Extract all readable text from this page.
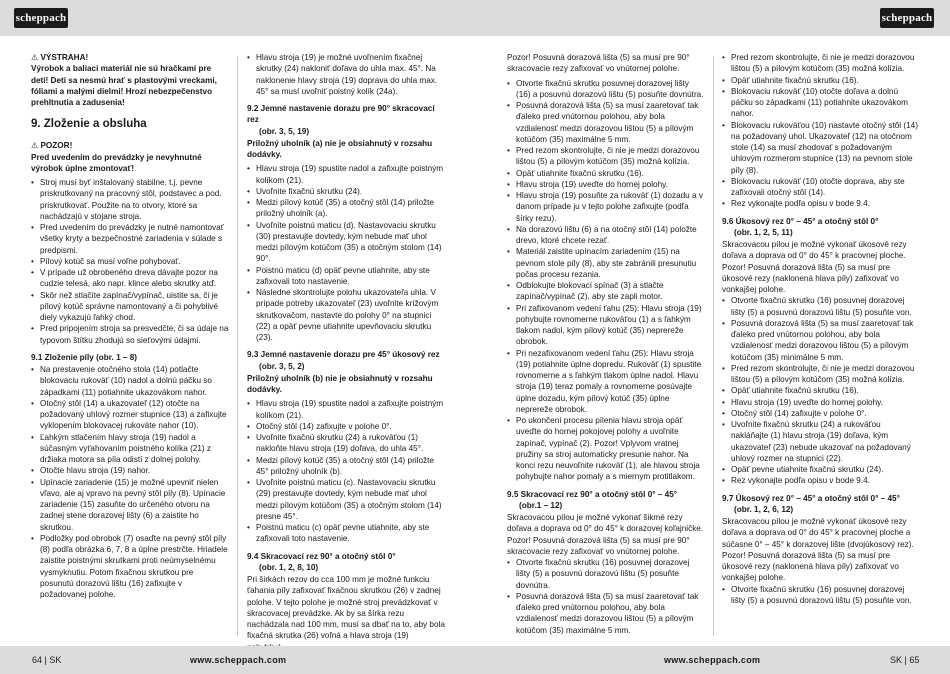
scheppach	scheppach

⚠ VÝSTRAHA!
Výrobok a baliaci materiál nie sú hračkami pre deti! Deti sa nesmú hrať s plastovými vreckami, fóliami a malými dielmi! Hrozí nebezpečenstvo prehltnutia a zadusenia!

9. Zloženie a obsluha

⚠ POZOR!
Pred uvedením do prevádzky je nevyhnutné výrobok úplne zmontovať!

• Stroj musí byť inštalovaný stabilne, t.j. pevne priskrutkovaný na pracovný stôl, podstavec a pod. priskrutkovať. Použite na to otvory, ktoré sa nachádzajú v stojane stroja.
• Pred uvedením do prevádzky je nutné namontovať všetky kryty a bezpečnostné zariadenia v súlade s predpismi.
• Pílový kotúč sa musí voľne pohybovať.
• V prípade už obrobeného dreva dávajte pozor na cudzie telesá, ako napr. klince alebo skrutky atď.
• Skôr než stlačíte zapínač/vypínač, uistite sa, či je pílový kotúč správne namontovaný a či pohyblivé diely vykazujú ľahký chod.
• Pred pripojením stroja sa presvedčte, či sa údaje na typovom štítku zhodujú so sieťovými údajmi.
9.1 Zloženie píly (obr. 1 – 8)
• Na prestavenie otočného stola (14) potlačte blokovaciu rukoväť (10) nadol a dolnú páčku so západkami (11) potiahnite ukazovákom nahor.
• Otočný stôl (14) a ukazovateľ (12) otočte na požadovaný uhlový rozmer stupnice (13) a zafixujte vyklopením blokovacej rukoväte nahor (10).
• Ľahkým stlačením hlavy stroja (19) nadol a súčasným vyťahovaním poistného kolíka (21) z držiaka motora sa píla odistí z dolnej polohy.
• Otočte hlavu stroja (19) nahor.
• Upínacie zariadenie (15) je možné upevniť nielen vľavo, ale aj vpravo na pevný stôl píly (8). Upínacie zariadenie (15) zasuňte do určeného otvoru na zadnej stene dorazovej lišty (6) a zaistite ho skrutkou.
• Podložky pod obrobok (7) osaďte na pevný stôl píly (8) podľa obrázka 6, 7, 8 a úplne prestrčte. Hriadele zaistite poistnými skrutkami proti neúmyselnému vysmyknutiu. Potom fixačnou skrutkou pre posunutú dorazovú lištu (16) zafixujte v požadovanej polohe.
• Hlavu stroja (19) je možné uvoľnením fixačnej skrutky (24) nakloniť doľava do uhla max. 45°. Na naklonenie hlavy stroja (19) doprava do uhla max. 45° sa musí uvoľniť poistný kolík (24a).
9.2 Jemné nastavenie dorazu pre 90° skracovací rez
(obr. 3, 5, 19)

Priložný uholník (a) nie je obsiahnutý v rozsahu dodávky.

• Hlavu stroja (19) spustite nadol a zafixujte poistným kolíkom (21).
• Uvoľnite fixačnú skrutku (24).
• Medzi pílový kotúč (35) a otočný stôl (14) priložte priložný uholník (a).
• Uvoľnite poistnú maticu (d). Nastavovaciu skrutku (30) prestavujte dovtedy, kým nebude mať uhol medzi pílovým kotúčom (35) a otočným stolom (14) 90°.
• Poistnú maticu (d) opäť pevne utiahnite, aby ste zafixovali toto nastavenie.
• Následne skontrolujte polohu ukazovateľa uhla. V prípade potreby ukazovateľ (23) uvoľnite krížovým skrutkovačom, nastavte do polohy 0° na stupnici (22) a opäť pevne utiahnite upevňovaciu skrutku (23).
9.3 Jemné nastavenie dorazu pre 45° úkosový rez
(obr. 3, 5, 2)

Priložný uholník (b) nie je obsiahnutý v rozsahu dodávky.

• Hlavu stroja (19) spustite nadol a zafixujte poistným kolíkom (21).
• Otočný stôl (14) zafixujte v polohe 0°.
• Uvoľnite fixačnú skrutku (24) a rukoväťou (1) nakloňte hlavu stroja (19) doľava, do uhla 45°.
• Medzi pílový kotúč (35) a otočný stôl (14) priložte 45° priložný uholník (b).
• Uvoľnite poistnú maticu (c). Nastavovaciu skrutku (29) prestavujte dovtedy, kým nebude mať uhol medzi pílovým kotúčom (35) a otočným stolom (14) presne 45°.
• Poistnú maticu (c) opäť pevne utiahnite, aby ste zafixovali toto nastavenie.
9.4 Skracovací rez 90° a otočný stôl 0°
(obr. 1, 2, 8, 10)

Pri širkách rezov do cca 100 mm je možné funkciu ťahania píly zafixovať fixačnou skrutkou (26) v zadnej polohe. V tejto polohe je možné stroj prevádzkovať v skracovacej prevádzke. Ak by sa šírka rezu nachádzala nad 100 mm, musí sa dbať na to, aby bola fixačná skrutka (26) voľná a hlava stroja (19)

Pozor! Posuvná dorazová lišta (5) sa musí pre 90° skracovacie rezy zafixovať vo vnútornej polohe.

• Otvorte fixačnú skrutku posuvnej dorazovej lišty (16) a posuvnú dorazovú lištu (5) posuňte dovnútra.
• Posuvná dorazová lišta (5) sa musí zaaretovať tak ďaleko pred vnútornou polohou, aby bola vzdialenosť medzi dorazovou lištou (5) a pílovým kotúčom (35) maximálne 5 mm.
• Pred rezom skontrolujte, či nie je medzi dorazovou lištou (5) a pílovým kotúčom (35) možná kolízia.
• Opäť utiahnite fixačnú skrutku (16).
• Hlavu stroja (19) uveďte do hornej polohy.
• Hlavu stroja (19) posuňte za rukoväť (1) dozadu a v danom prípade ju v tejto polohe zafixujte (podľa šírky rezu).
• Na dorazovú lištu (6) a na otočný stôl (14) položte drevo, ktoré chcete rezať.
• Materiál zaistite upínacím zariadením (15) na pevnom stole píly (8), aby ste zabránili presunutiu počas procesu rezania.
• Odblokujte blokovací spínač (3) a stlačte zapínač/vypínač (2), aby ste zapli motor.
• Pri zafixovanom vedení ťahu (25): Hlavu stroja (19) pohybujte rovnomerne rukoväťou (1) a s ľahkým tlakom nadol, kým pílový kotúč (35) neprereže obrobok.
• Pri nezafixovanom vedení ťahu (25): Hlavu stroja (19) potiahnite úplne dopredu. Rukoväť (1) spustite rovnomerne a s ľahkým tlakom úplne nadol. Hlavu stroja (19) teraz pomaly a rovnomerne posúvajte úplne dozadu, kým pílový kotúč (35) úplne neprereže obrobok.
• Po ukončení procesu pílenia hlavu stroja opäť uveďte do hornej pokojovej polohy a uvoľnite zapínač, vypínač (2). Pozor! Vplyvom vratnej pružiny sa stroj automaticky presunie nahor. Na konci rezu neuvoľnite rukoväť (1), ale hlavou stroja pohybujte nahor pomaly a s miernym protitlakom.
9.5 Skracovací rez 90° a otočný stôl 0° – 45°
(obr.1 – 12)

Skracovacou pílou je možné vykonať šikmé rezy doľava a doprava od 0° do 45° k dorazovej koľajničke.

Pozor! Posuvná dorazová lišta (5) sa musí pre 90° skracovacie rezy zafixovať vo vnútornej polohe.

• Otvorte fixačnú skrutku (16) posuvnej dorazovej lišty (5) a posuvnú dorazovú lištu (5) posuňte dovnútra.
• Posuvná dorazová lišta (5) sa musí zaaretovať tak ďaleko pred vnútornou polohou, aby bola vzdialenosť medzi dorazovou lištou (5) a pílovým kotúčom (35) maximálne 5 mm.
• Pred rezom skontrolujte, či nie je medzi dorazovou lištou (5) a pílovým kotúčom (35) možná kolízia.
• Opäť utiahnite fixačnú skrutku (16).
• Blokovaciu rukoväť (10) otočte doľava a dolnú páčku so západkami (11) potiahnite ukazovákom nahor.
• Blokovaciu rukoväťou (10) nastavte otočný stôl (14) na požadovaný uhol. Ukazovateľ (12) na otočnom stole (14) sa musí zhodovať s požadovaným uhlovým rozmerom stupnice (13) na pevnom stole píly (8).
• Blokovaciu rukoväť (10) otočte doprava, aby ste zafixovali otočný stôl (14).
• Rez vykonajte podľa opisu v bode 9.4.
9.6 Úkosový rez 0° – 45° a otočný stôl 0°
(obr. 1, 2, 5, 11)

Skracovacou pílou je možné vykonať úkosové rezy doľava a doprava od 0° do 45° k pracovnej ploche.

Pozor! Posuvná dorazová lišta (5) sa musí pre úkosové rezy (naklonená hlava píly) zafixovať vo vonkajšej polohe.

• Otvorte fixačnú skrutku (16) posuvnej dorazovej lišty (5) a posuvnú dorazovú lištu (5) posuňte von.
• Posuvná dorazová lišta (5) sa musí zaaretovať tak ďaleko pred vnútornou polohou, aby bola vzdialenosť medzi dorazovou lištou (5) a pílovým kotúčom (35) minimálne 5 mm.
• Pred rezom skontrolujte, či nie je medzi dorazovou lištou (5) a pílovým kotúčom (35) možná kolízia.
• Opäť utiahnite fixačnú skrutku (16).
• Hlavu stroja (19) uveďte do hornej polohy.
• Otočný stôl (14) zafixujte v polohe 0°.
• Uvoľnite fixačnú skrutku (24) a rukoväťou nakláňajte (1) hlavu stroja (19) doľava, kým ukazovateľ (23) nebude ukazovať na požadovaný uhlový rozmer na stupnici (22).
• Opäť pevne utiahnite fixačnú skrutku (24).
• Rez vykonajte podľa opisu v bode 9.4.
9.7 Úkosový rez 0° – 45° a otočný stôl 0° – 45°
(obr. 1, 2, 6, 12)

Skracovacou pílou je možné vykonať úkosové rezy doľava a doprava od 0° do 45° k pracovnej ploche a súčasne 0° – 45° k dorazovej lište (dvojúkosový rez).

Pozor! Posuvná dorazová lišta (5) sa musí pre úkosové rezy (naklonená hlava píly) zafixovať vo vonkajšej polohe.

• Otvorte fixačnú skrutku (16) posuvnej dorazovej lišty (5) a posuvnú dorazovú lištu (5) posuňte von.
64 | SK	www.scheppach.com	www.scheppach.com	SK | 65
